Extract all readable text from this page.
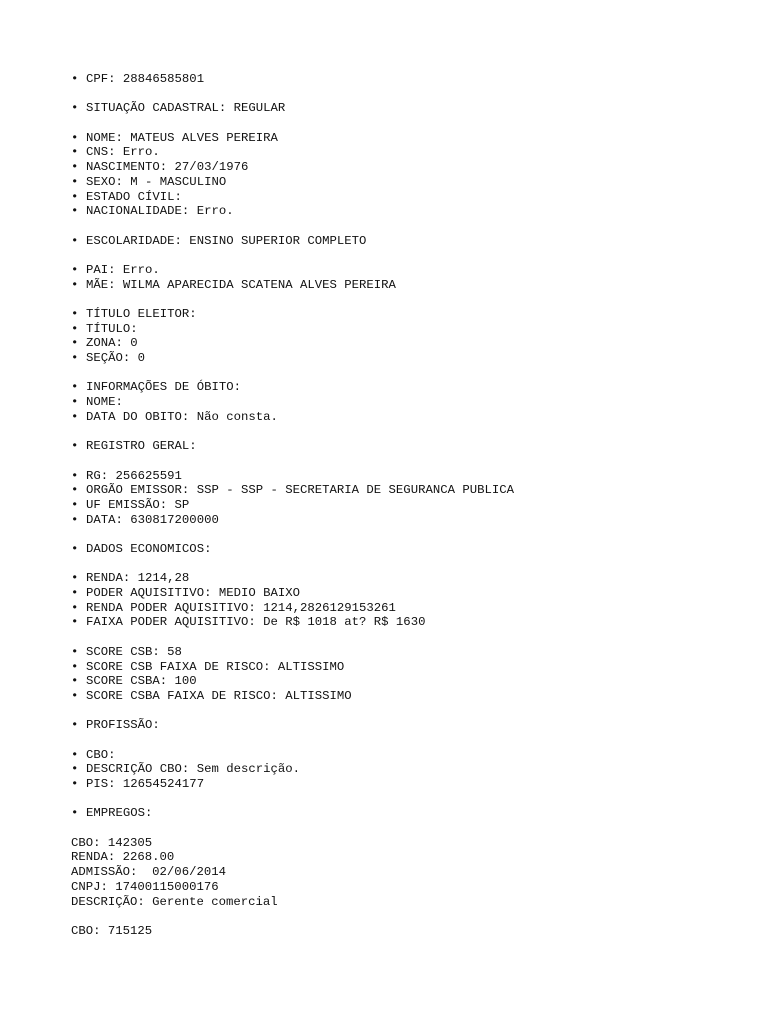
• CPF: 28846585801
• SITUAÇÃO CADASTRAL: REGULAR
• NOME: MATEUS ALVES PEREIRA
• CNS: Erro.
• NASCIMENTO: 27/03/1976
• SEXO: M - MASCULINO
• ESTADO CÍVIL:
• NACIONALIDADE: Erro.
• ESCOLARIDADE: ENSINO SUPERIOR COMPLETO
• PAI: Erro.
• MÃE: WILMA APARECIDA SCATENA ALVES PEREIRA
• TÍTULO ELEITOR:
• TÍTULO:
• ZONA: 0
• SEÇÃO: 0
• INFORMAÇÕES DE ÓBITO:
• NOME:
• DATA DO OBITO: Não consta.
• REGISTRO GERAL:
• RG: 256625591
• ORGÃO EMISSOR: SSP - SSP - SECRETARIA DE SEGURANCA PUBLICA
• UF EMISSÃO: SP
• DATA: 630817200000
• DADOS ECONOMICOS:
• RENDA: 1214,28
• PODER AQUISITIVO: MEDIO BAIXO
• RENDA PODER AQUISITIVO: 1214,2826129153261
• FAIXA PODER AQUISITIVO: De R$ 1018 at? R$ 1630
• SCORE CSB: 58
• SCORE CSB FAIXA DE RISCO: ALTISSIMO
• SCORE CSBA: 100
• SCORE CSBA FAIXA DE RISCO: ALTISSIMO
• PROFISSÃO:
• CBO:
• DESCRIÇÃO CBO: Sem descrição.
• PIS: 12654524177
• EMPREGOS:
CBO: 142305
RENDA: 2268.00
ADMISSÃO:  02/06/2014
CNPJ: 17400115000176
DESCRIÇÃO: Gerente comercial
CBO: 715125
